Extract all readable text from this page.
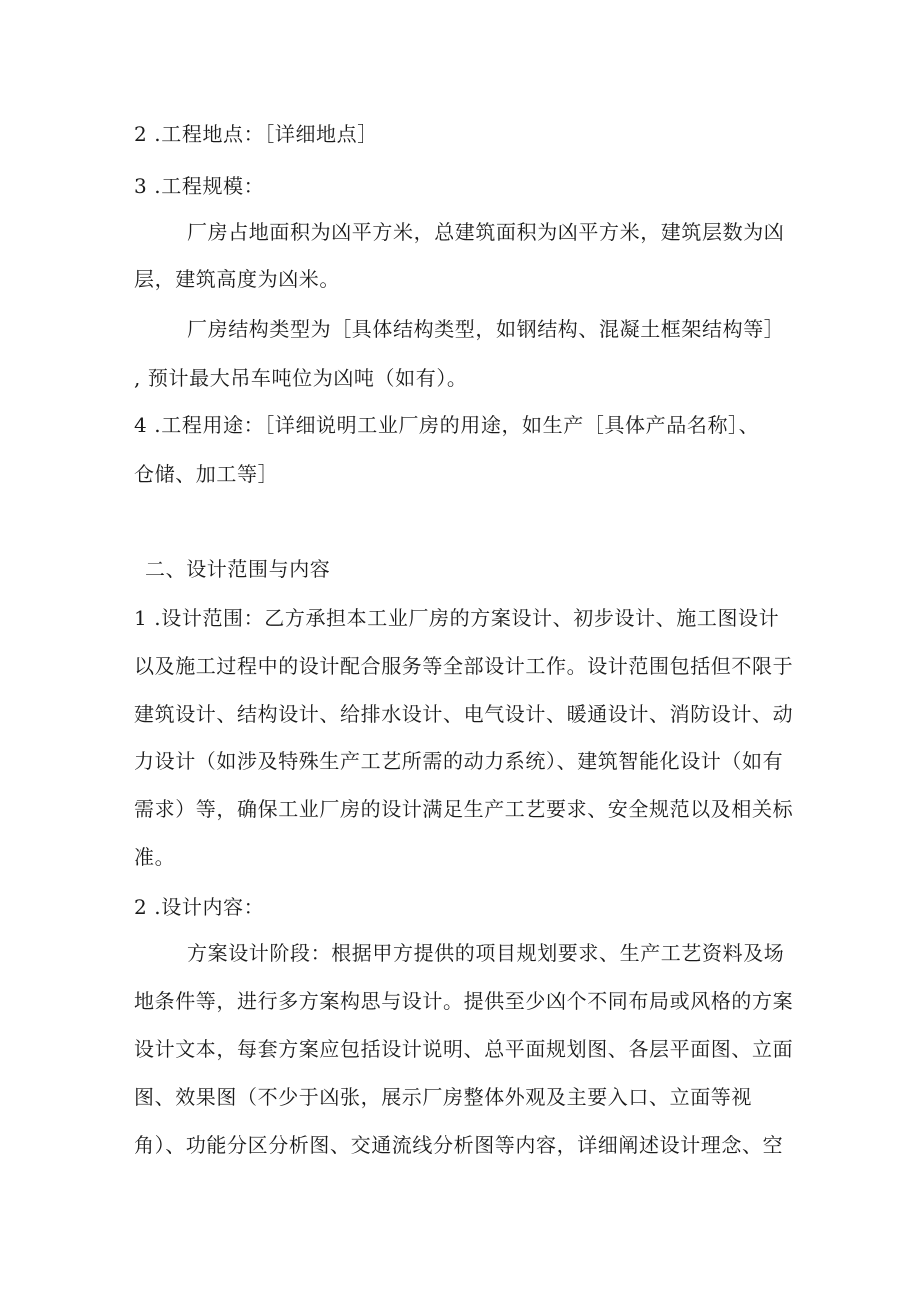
2 .工程地点：［详细地点］
3 .工程规模：
厂房占地面积为凶平方米，总建筑面积为凶平方米，建筑层数为凶
层，建筑高度为凶米。
厂房结构类型为［具体结构类型，如钢结构、混凝土框架结构等］
, 预计最大吊车吨位为凶吨（如有）。
4 .工程用途：［详细说明工业厂房的用途，如生产［具体产品名称］、
仓储、加工等］
二、设计范围与内容
1 .设计范围：乙方承担本工业厂房的方案设计、初步设计、施工图设计
以及施工过程中的设计配合服务等全部设计工作。设计范围包括但不限于
建筑设计、结构设计、给排水设计、电气设计、暖通设计、消防设计、动
力设计（如涉及特殊生产工艺所需的动力系统）、建筑智能化设计（如有
需求）等，确保工业厂房的设计满足生产工艺要求、安全规范以及相关标
准。
2 .设计内容：
方案设计阶段：根据甲方提供的项目规划要求、生产工艺资料及场
地条件等，进行多方案构思与设计。提供至少凶个不同布局或风格的方案
设计文本，每套方案应包括设计说明、总平面规划图、各层平面图、立面
图、效果图（不少于凶张，展示厂房整体外观及主要入口、立面等视
角）、功能分区分析图、交通流线分析图等内容，详细阐述设计理念、空
